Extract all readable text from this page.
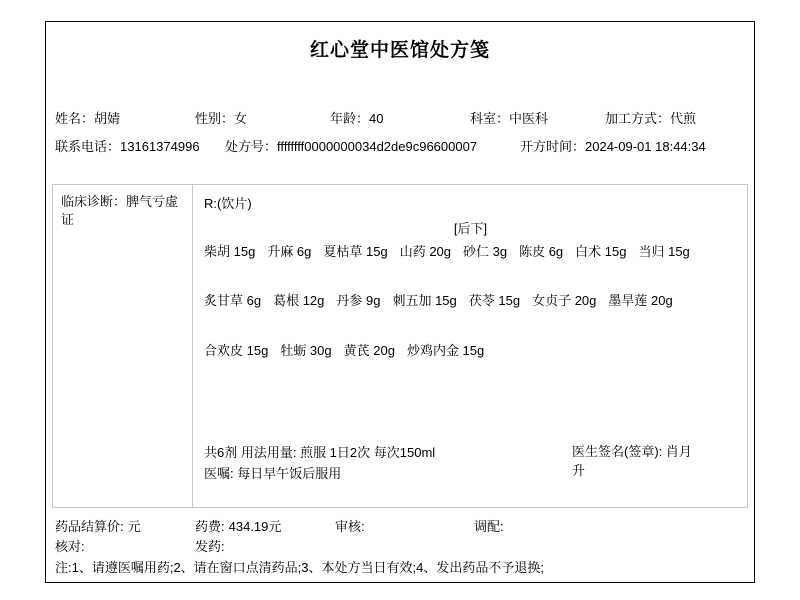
红心堂中医馆处方笺
姓名：胡婧	性别：女	年龄：40	科室：中医科	加工方式：代煎
联系电话：13161374996 处方号：ffffffff0000000034d2de9c96600007	开方时间：2024-09-01 18:44:34
临床诊断：脾气亏虚证
R:(饮片)
[后下]
柴胡 15g 升麻 6g 夏枯草 15g 山药 20g 砂仁 3g 陈皮 6g 白术 15g 当归 15g
炙甘草 6g 葛根 12g 丹参 9g 刺五加 15g 茯苓 15g 女贞子 20g 墨旱莲 20g
合欢皮 15g 牡蛎 30g 黄芪 20g 炒鸡内金 15g
共6剂 用法用量: 煎服 1日2次 每次150ml
医嘱: 每日早午饭后服用
医生签名(签章): 肖月升
药品结算价: 元	药费: 434.19元	审核:	调配:
核对:	发药:
注:1、请遵医嘱用药;2、请在窗口点清药品;3、本处方当日有效;4、发出药品不予退换;
